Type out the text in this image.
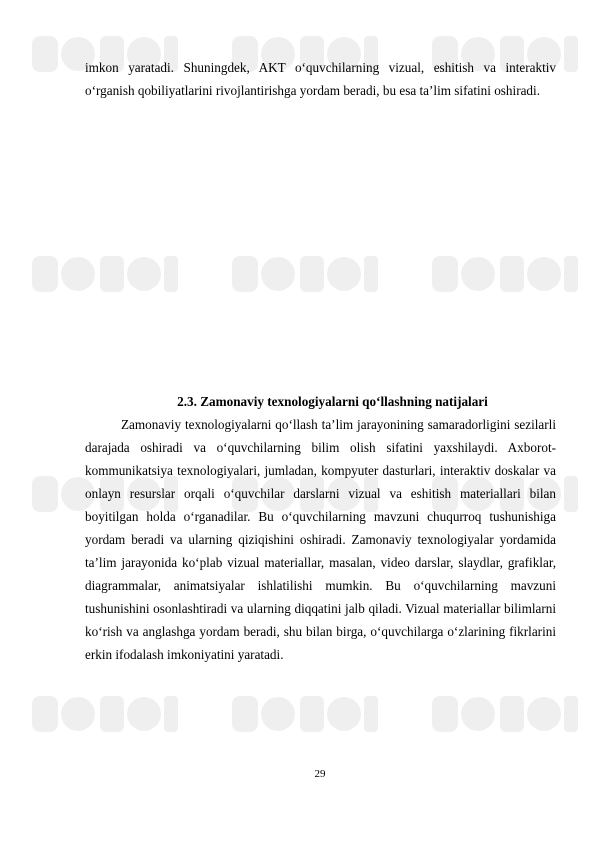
imkon yaratadi. Shuningdek, AKT o‘quvchilarning vizual, eshitish va interaktiv o‘rganish qobiliyatlarini rivojlantirishga yordam beradi, bu esa ta’lim sifatini oshiradi.

2.3. Zamonaviy texnologiyalarni qo‘llashning natijalari

Zamonaviy texnologiyalarni qo‘llash ta’lim jarayonining samaradorligini sezilarli darajada oshiradi va o‘quvchilarning bilim olish sifatini yaxshilaydi. Axborot-kommunikatsiya texnologiyalari, jumladan, kompyuter dasturlari, interaktiv doskalar va onlayn resurslar orqali o‘quvchilar darslarni vizual va eshitish materiallari bilan boyitilgan holda o‘rganadilar. Bu o‘quvchilarning mavzuni chuqurroq tushunishiga yordam beradi va ularning qiziqishini oshiradi. Zamonaviy texnologiyalar yordamida ta’lim jarayonida ko‘plab vizual materiallar, masalan, video darslar, slaydlar, grafiklar, diagrammalar, animatsiyalar ishlatilishi mumkin. Bu o‘quvchilarning mavzuni tushunishini osonlashtiradi va ularning diqqatini jalb qiladi. Vizual materiallar bilimlarni ko‘rish va anglashga yordam beradi, shu bilan birga, o‘quvchilarga o‘zlarining fikrlarini erkin ifodalash imkoniyatini yaratadi.

29
